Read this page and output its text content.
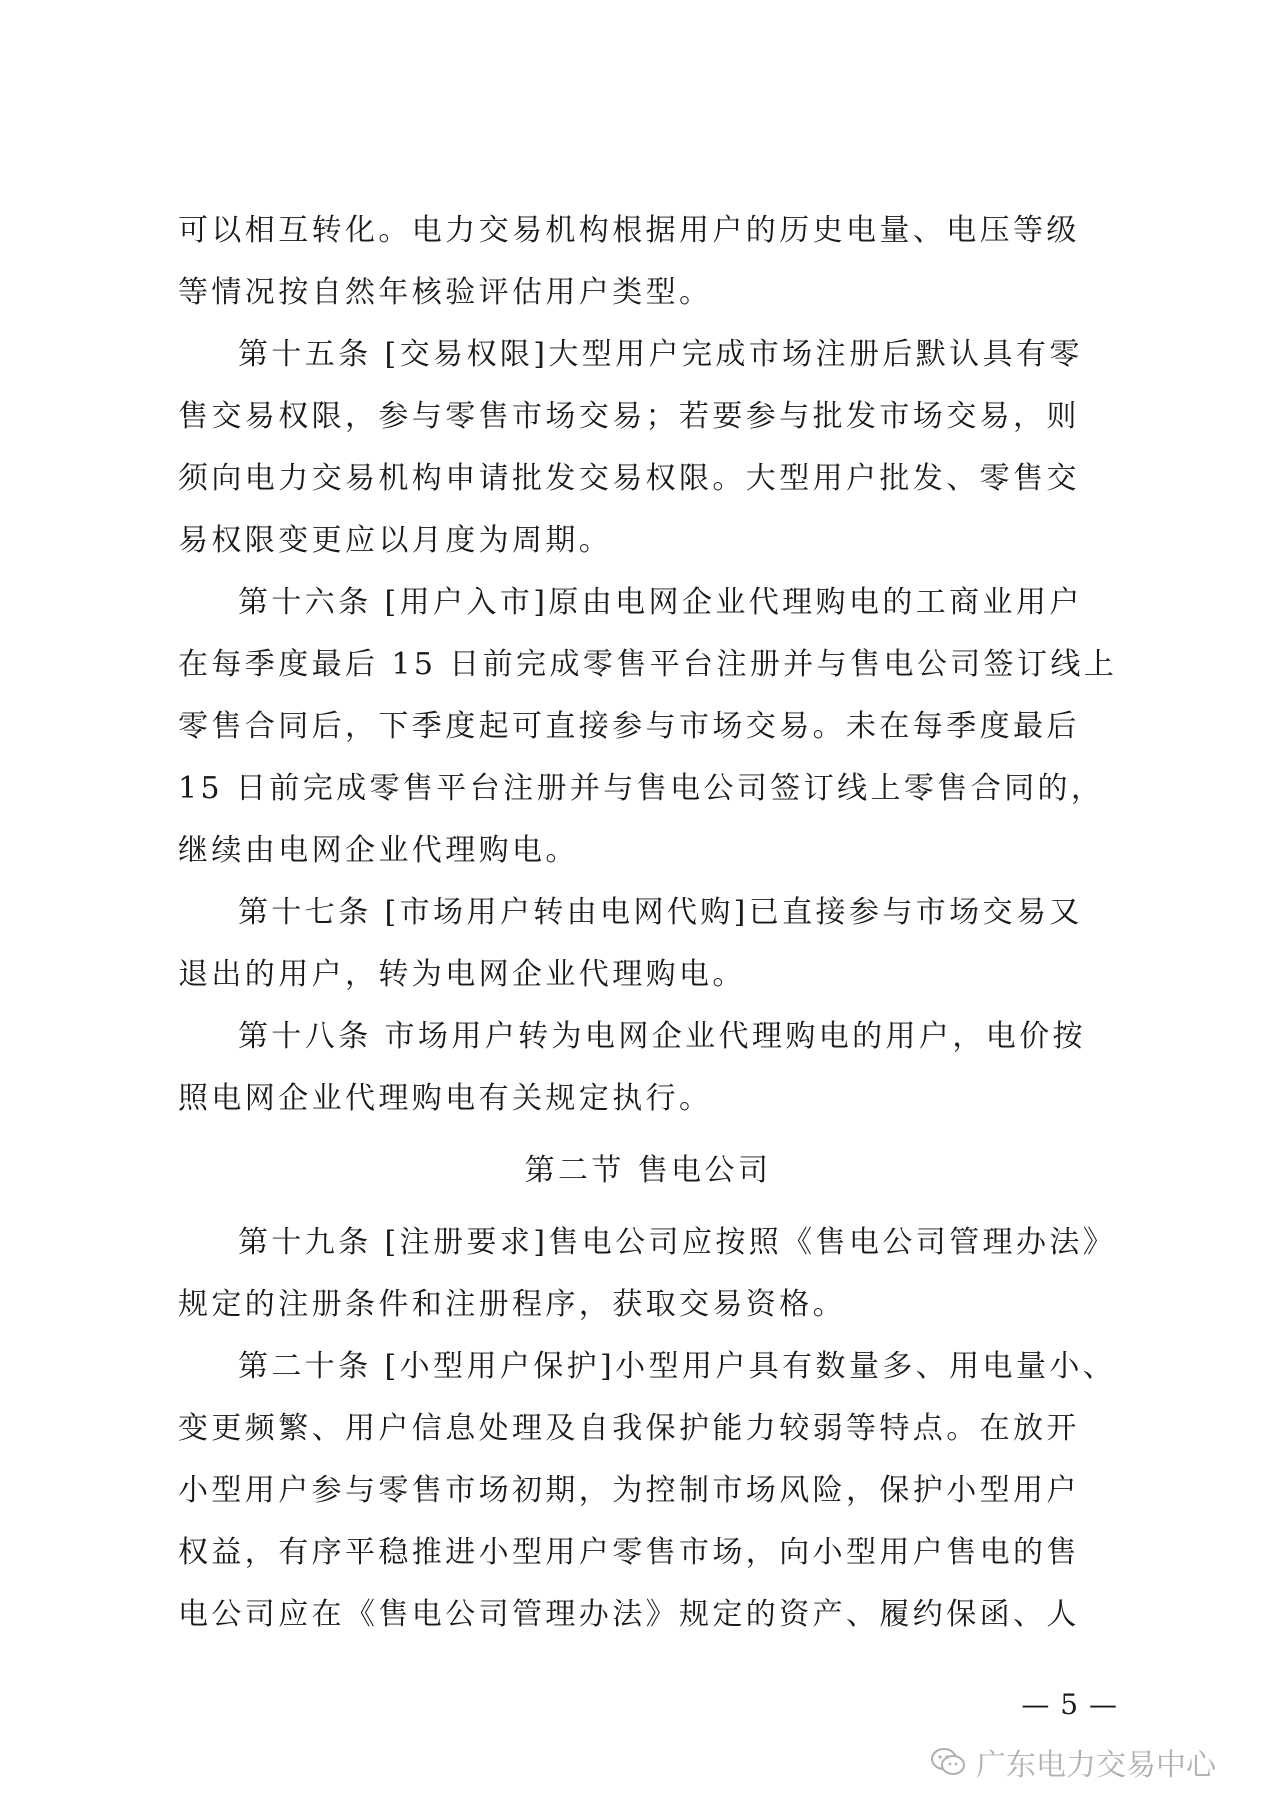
可以相互转化。电力交易机构根据用户的历史电量、电压等级
等情况按自然年核验评估用户类型。
第十五条 [交易权限]大型用户完成市场注册后默认具有零
售交易权限，参与零售市场交易；若要参与批发市场交易，则
须向电力交易机构申请批发交易权限。大型用户批发、零售交
易权限变更应以月度为周期。
第十六条 [用户入市]原由电网企业代理购电的工商业用户
在每季度最后 15 日前完成零售平台注册并与售电公司签订线上
零售合同后，下季度起可直接参与市场交易。未在每季度最后
15 日前完成零售平台注册并与售电公司签订线上零售合同的，
继续由电网企业代理购电。
第十七条 [市场用户转由电网代购]已直接参与市场交易又
退出的用户，转为电网企业代理购电。
第十八条 市场用户转为电网企业代理购电的用户，电价按
照电网企业代理购电有关规定执行。
第二节 售电公司
第十九条 [注册要求]售电公司应按照《售电公司管理办法》
规定的注册条件和注册程序，获取交易资格。
第二十条 [小型用户保护]小型用户具有数量多、用电量小、
变更频繁、用户信息处理及自我保护能力较弱等特点。在放开
小型用户参与零售市场初期，为控制市场风险，保护小型用户
权益，有序平稳推进小型用户零售市场，向小型用户售电的售
电公司应在《售电公司管理办法》规定的资产、履约保函、人
— 5 —
广东电力交易中心
